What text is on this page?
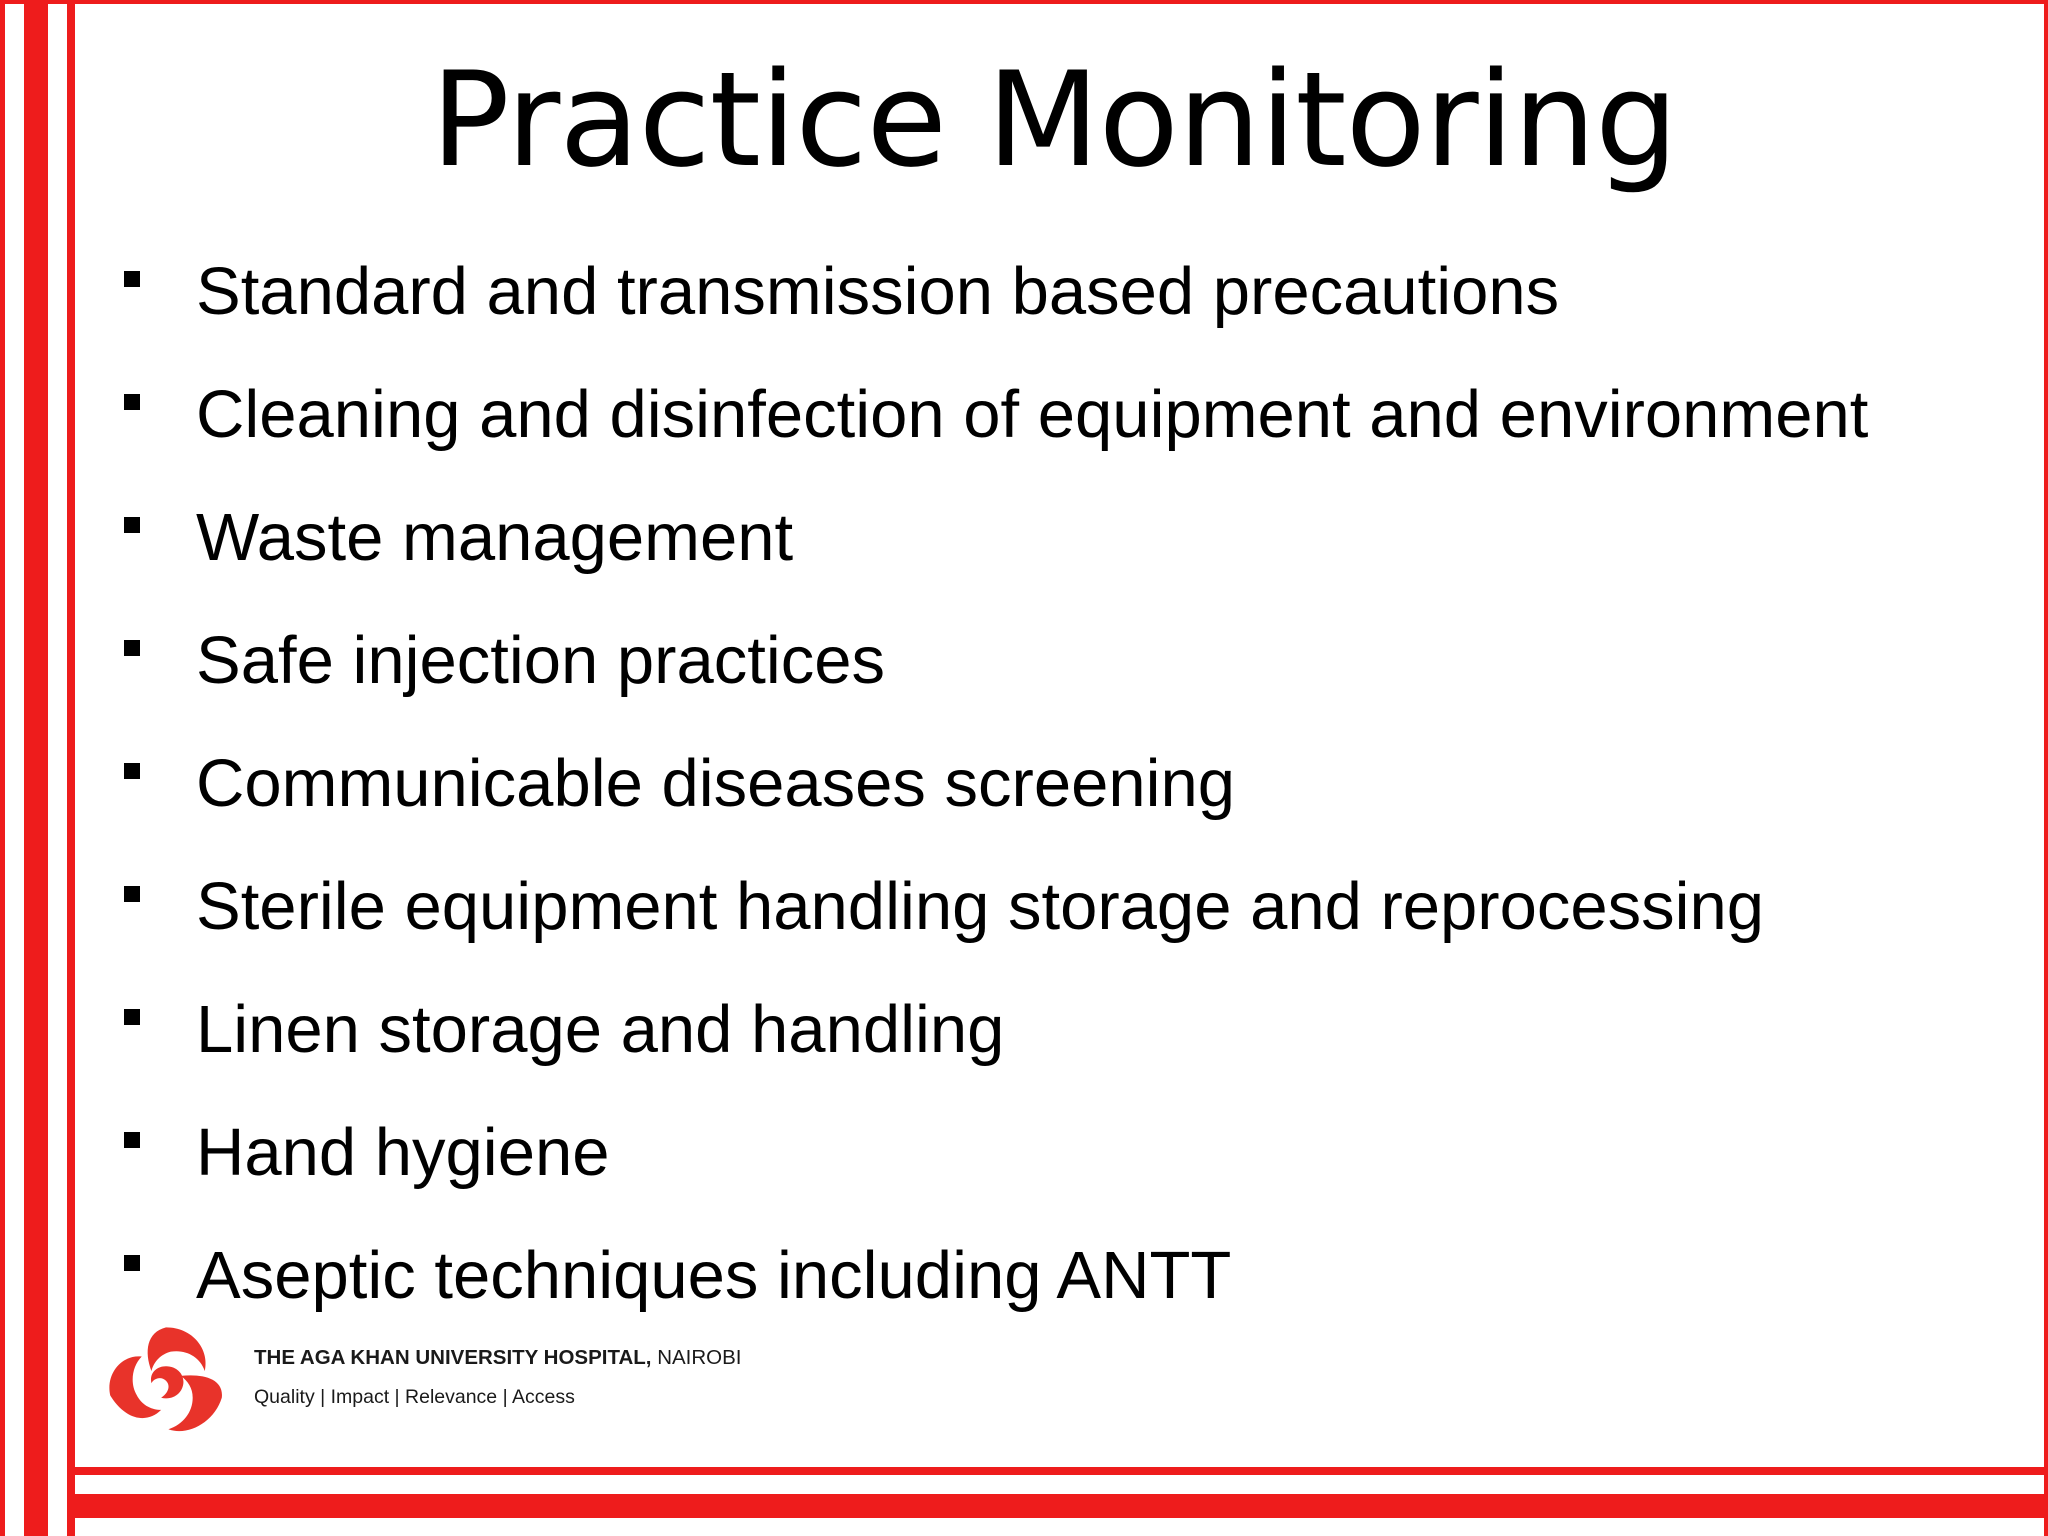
Practice Monitoring
Standard and transmission based precautions
Cleaning and disinfection of equipment and environment
Waste management
Safe injection practices
Communicable diseases screening
Sterile equipment handling storage and reprocessing
Linen storage and handling
Hand hygiene
Aseptic techniques including ANTT
THE AGA KHAN UNIVERSITY HOSPITAL, NAIROBI
Quality | Impact | Relevance | Access
